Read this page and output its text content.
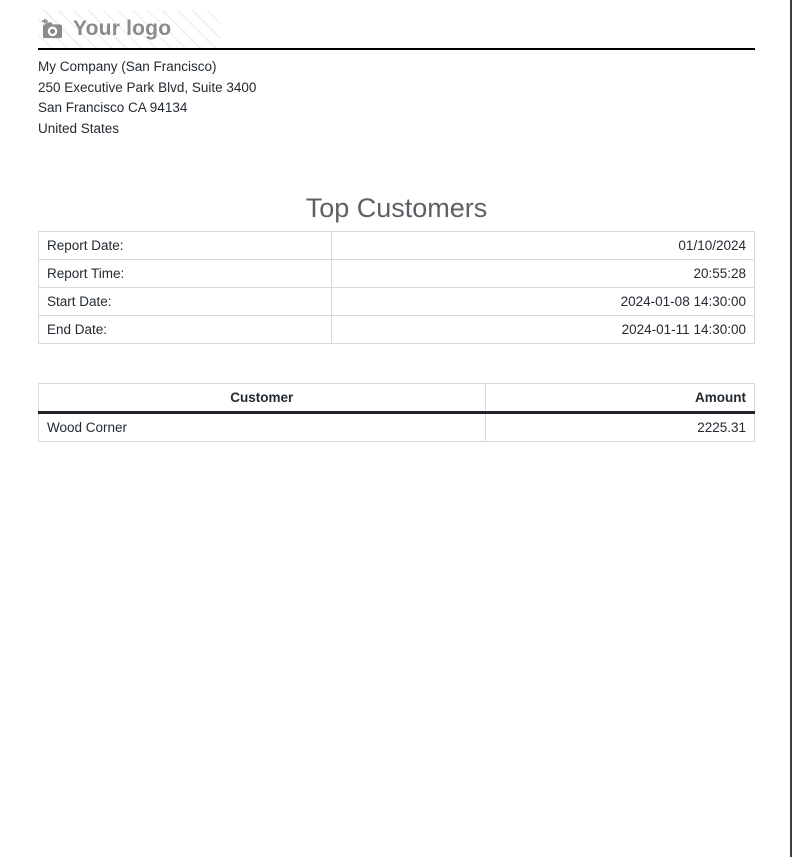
Your logo
My Company (San Francisco)
250 Executive Park Blvd, Suite 3400
San Francisco CA 94134
United States
Top Customers
Report Date:	01/10/2024
Report Time:	20:55:28
Start Date:	2024-01-08 14:30:00
End Date:	2024-01-11 14:30:00
Customer	Amount
Wood Corner	2225.31
